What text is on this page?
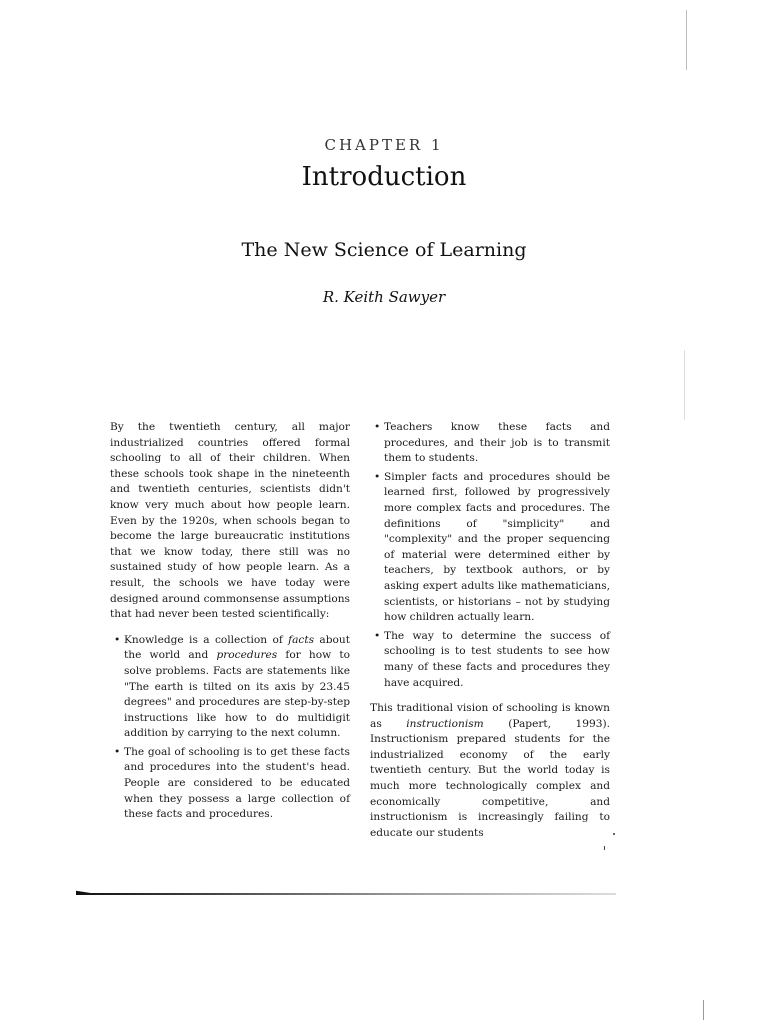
CHAPTER 1
Introduction
The New Science of Learning
R. Keith Sawyer

By the twentieth century, all major industrialized countries offered formal schooling to all of their children. When these schools took shape in the nineteenth and twentieth centuries, scientists didn't know very much about how people learn. Even by the 1920s, when schools began to become the large bureaucratic institutions that we know today, there still was no sustained study of how people learn. As a result, the schools we have today were designed around commonsense assumptions that had never been tested scientifically:

• Knowledge is a collection of facts about the world and procedures for how to solve problems. Facts are statements like "The earth is tilted on its axis by 23.45 degrees" and procedures are step-by-step instructions like how to do multidigit addition by carrying to the next column.
• The goal of schooling is to get these facts and procedures into the student's head. People are considered to be educated when they possess a large collection of these facts and procedures.
• Teachers know these facts and procedures, and their job is to transmit them to students.
• Simpler facts and procedures should be learned first, followed by progressively more complex facts and procedures. The definitions of "simplicity" and "complexity" and the proper sequencing of material were determined either by teachers, by textbook authors, or by asking expert adults like mathematicians, scientists, or historians – not by studying how children actually learn.
• The way to determine the success of schooling is to test students to see how many of these facts and procedures they have acquired.

This traditional vision of schooling is known as instructionism (Papert, 1993). Instructionism prepared students for the industrialized economy of the early twentieth century. But the world today is much more technologically complex and economically competitive, and instructionism is increasingly failing to educate our students
